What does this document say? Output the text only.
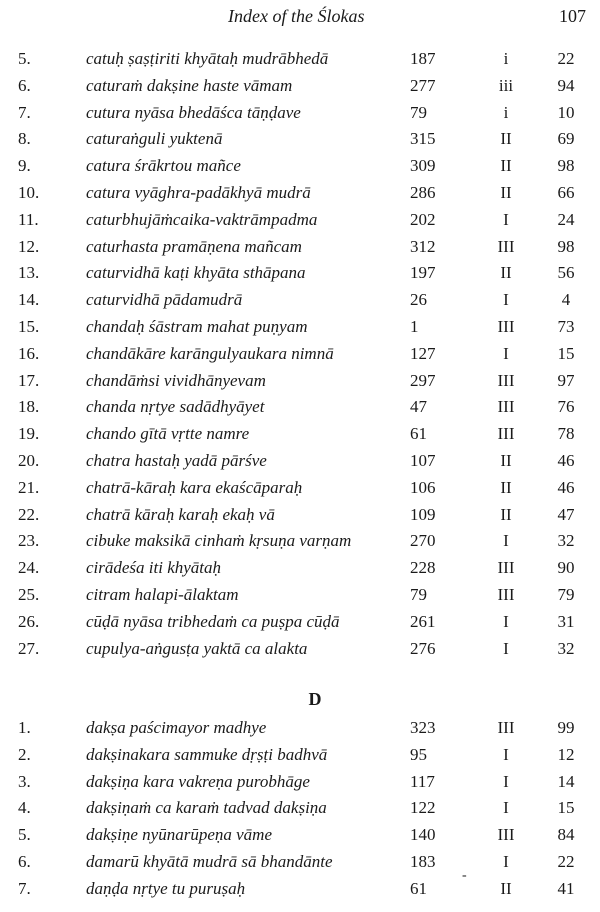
Index of the Ślokas	107
5.	catuḥ ṣaṣṭiriti khyātaḥ mudrābhedā	187	i	22
6.	caturaṁ dakṣine haste vāmam	277	iii	94
7.	cutura nyāsa bhedāśca tāṇḍave	79	i	10
8.	caturaṅguli yuktenā	315	II	69
9.	catura śrākrtou mañce	309	II	98
10.	catura vyāghra-padākhyā mudrā	286	II	66
11.	caturbhujāṁcaika-vaktrāmpadma	202	I	24
12.	caturhasta pramāṇena mañcam	312	III	98
13.	caturvidhā kaṭi khyāta sthāpana	197	II	56
14.	caturvidhā pādamudrā	26	I	4
15.	chandaḥ śāstram mahat puṇyam	1	III	73
16.	chandākāre karāngulyaukara nimnā	127	I	15
17.	chandāṁsi vividhānyevam	297	III	97
18.	chanda nṛtye sadādhyāyet	47	III	76
19.	chando gītā vṛtte namre	61	III	78
20.	chatra hastaḥ yadā pārśve	107	II	46
21.	chatrā-kāraḥ kara ekaścāparaḥ	106	II	46
22.	chatrā kāraḥ karaḥ ekaḥ vā	109	II	47
23.	cibuke maksikā cinhaṁ kṛsuṇa varṇam	270	I	32
24.	cirādeśa iti khyātaḥ	228	III	90
25.	citram halapi-ālaktam	79	III	79
26.	cūḍā nyāsa tribhedaṁ ca puṣpa cūḍā	261	I	31
27.	cupulya-aṅgusṭa yaktā ca alakta	276	I	32
1.	dakṣa paścimayor madhye	323	III	99
2.	dakṣinakara sammuke dṛṣṭi badhvā	95	I	12
3.	dakṣiṇa kara vakreṇa purobhāge	117	I	14
4.	dakṣiṇaṁ ca karaṁ tadvad dakṣiṇa	122	I	15
5.	dakṣiṇe nyūnarūpeṇa vāme	140	III	84
6.	damarū khyātā mudrā sā bhandānte	183	I	22
7.	daṇḍa nṛtye tu puruṣaḥ	61	II	41
D
-
